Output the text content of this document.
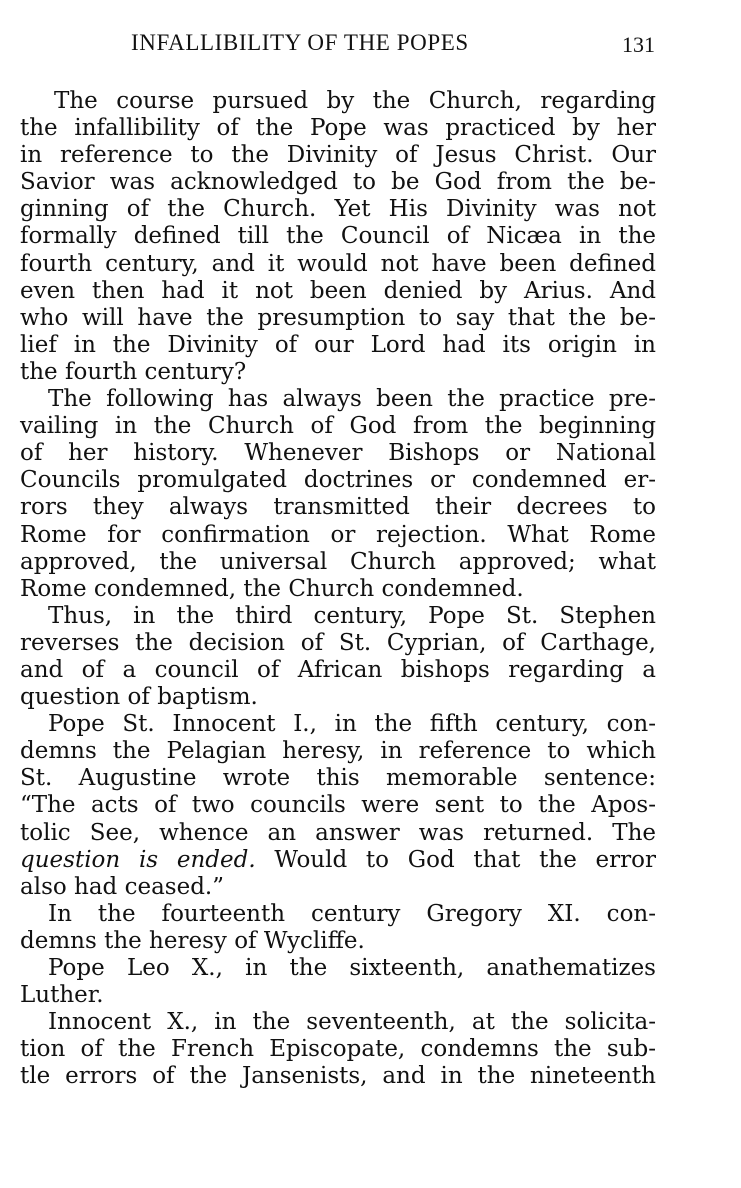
INFALLIBILITY OF THE POPES	131
The course pursued by the Church, regarding
the infallibility of the Pope was practiced by her
in reference to the Divinity of Jesus Christ. Our
Savior was acknowledged to be God from the be-
ginning of the Church. Yet His Divinity was not
formally defined till the Council of Nicæa in the
fourth century, and it would not have been defined
even then had it not been denied by Arius. And
who will have the presumption to say that the be-
lief in the Divinity of our Lord had its origin in
the fourth century?
The following has always been the practice pre-
vailing in the Church of God from the beginning
of her history. Whenever Bishops or National
Councils promulgated doctrines or condemned er-
rors they always transmitted their decrees to
Rome for confirmation or rejection. What Rome
approved, the universal Church approved; what
Rome condemned, the Church condemned.
Thus, in the third century, Pope St. Stephen
reverses the decision of St. Cyprian, of Carthage,
and of a council of African bishops regarding a
question of baptism.
Pope St. Innocent I., in the fifth century, con-
demns the Pelagian heresy, in reference to which
St. Augustine wrote this memorable sentence:
“The acts of two councils were sent to the Apos-
tolic See, whence an answer was returned. The
question is ended. Would to God that the error
also had ceased.”
In the fourteenth century Gregory XI. con-
demns the heresy of Wycliffe.
Pope Leo X., in the sixteenth, anathematizes
Luther.
Innocent X., in the seventeenth, at the solicita-
tion of the French Episcopate, condemns the sub-
tle errors of the Jansenists, and in the nineteenth
